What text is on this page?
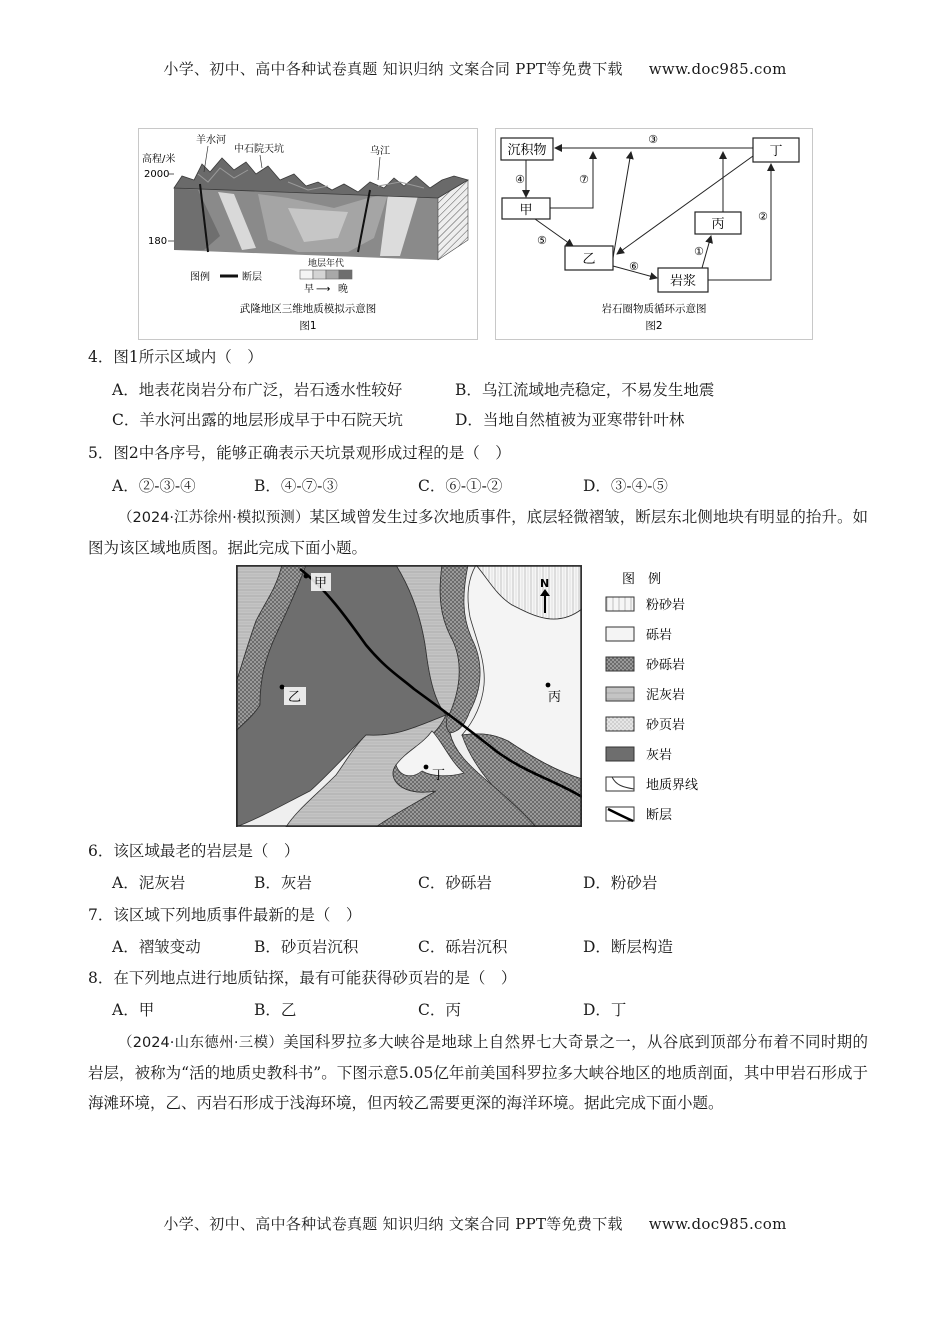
小学、初中、高中各种试卷真题 知识归纳 文案合同 PPT等免费下载 www.doc985.com
高程/米
2000
180
羊水河
中石院天坑	乌江
图例	断层
地层年代
早 ⟶ 晚
武隆地区三维地质模拟示意图
图1
沉积物
甲
乙
丙
丁
岩浆
③
④	⑦
⑤
①
②
⑥
岩石圈物质循环示意图
图2
4．图1所示区域内（　）
A．地表花岗岩分布广泛，岩石透水性较好	B．乌江流域地壳稳定，不易发生地震
C．羊水河出露的地层形成早于中石院天坑	D．当地自然植被为亚寒带针叶林
5．图2中各序号，能够正确表示天坑景观形成过程的是（　）
A．②-③-④	B．④-⑦-③	C．⑥-①-②	D．③-④-⑤
（2024·江苏徐州·模拟预测）某区域曾发生过多次地质事件，底层轻微褶皱，断层东北侧地块有明显的抬升。如图为该区域地质图。据此完成下面小题。
甲
乙	丙
丁
N	图　例
粉砂岩
砾岩
砂砾岩
泥灰岩
砂页岩
灰岩
地质界线
断层
6．该区域最老的岩层是（　）
A．泥灰岩	B．灰岩	C．砂砾岩	D．粉砂岩
7．该区域下列地质事件最新的是（　）
A．褶皱变动	B．砂页岩沉积	C．砾岩沉积	D．断层构造
8．在下列地点进行地质钻探，最有可能获得砂页岩的是（　）
A．甲	B．乙	C．丙	D．丁
（2024·山东德州·三模）美国科罗拉多大峡谷是地球上自然界七大奇景之一，从谷底到顶部分布着不同时期的岩层，被称为“活的地质史教科书”。下图示意5.05亿年前美国科罗拉多大峡谷地区的地质剖面，其中甲岩石形成于海滩环境，乙、丙岩石形成于浅海环境，但丙较乙需要更深的海洋环境。据此完成下面小题。
小学、初中、高中各种试卷真题 知识归纳 文案合同 PPT等免费下载 www.doc985.com
